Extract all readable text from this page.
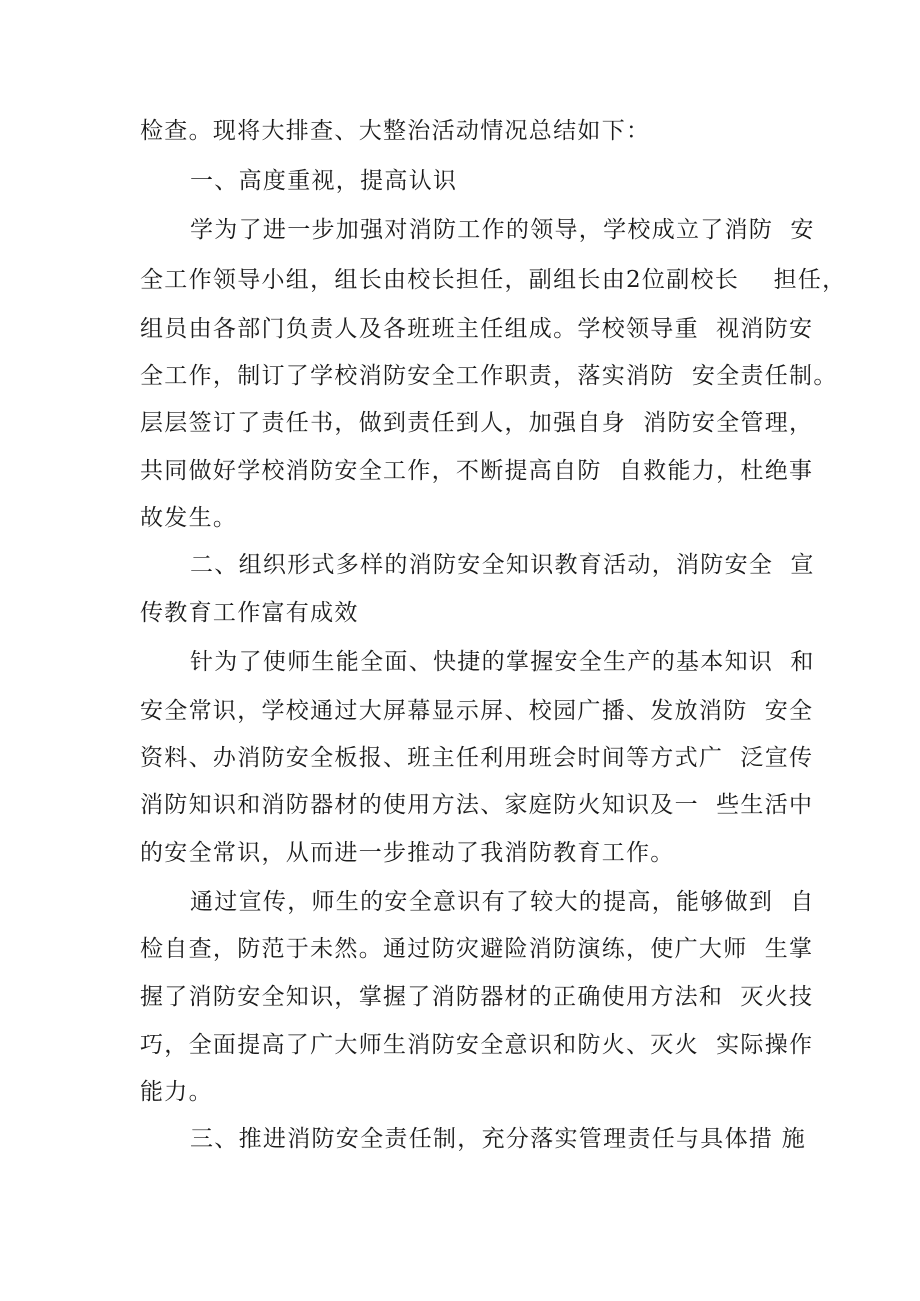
检查。现将大排查、大整治活动情况总结如下：
一、高度重视，提高认识
学为了进一步加强对消防工作的领导，学校成立了消防  安
全工作领导小组，组长由校长担任，副组长由2位副校长    担任，
组员由各部门负责人及各班班主任组成。学校领导重  视消防安
全工作，制订了学校消防安全工作职责，落实消防  安全责任制。
层层签订了责任书，做到责任到人，加强自身  消防安全管理，
共同做好学校消防安全工作，不断提高自防  自救能力，杜绝事
故发生。
二、组织形式多样的消防安全知识教育活动，消防安全  宣
传教育工作富有成效
针为了使师生能全面、快捷的掌握安全生产的基本知识  和
安全常识，学校通过大屏幕显示屏、校园广播、发放消防  安全
资料、办消防安全板报、班主任利用班会时间等方式广  泛宣传
消防知识和消防器材的使用方法、家庭防火知识及一  些生活中
的安全常识，从而进一步推动了我消防教育工作。
通过宣传，师生的安全意识有了较大的提高，能够做到  自
检自查，防范于未然。通过防灾避险消防演练，使广大师  生掌
握了消防安全知识，掌握了消防器材的正确使用方法和  灭火技
巧，全面提高了广大师生消防安全意识和防火、灭火  实际操作
能力。
三、推进消防安全责任制，充分落实管理责任与具体措 施
